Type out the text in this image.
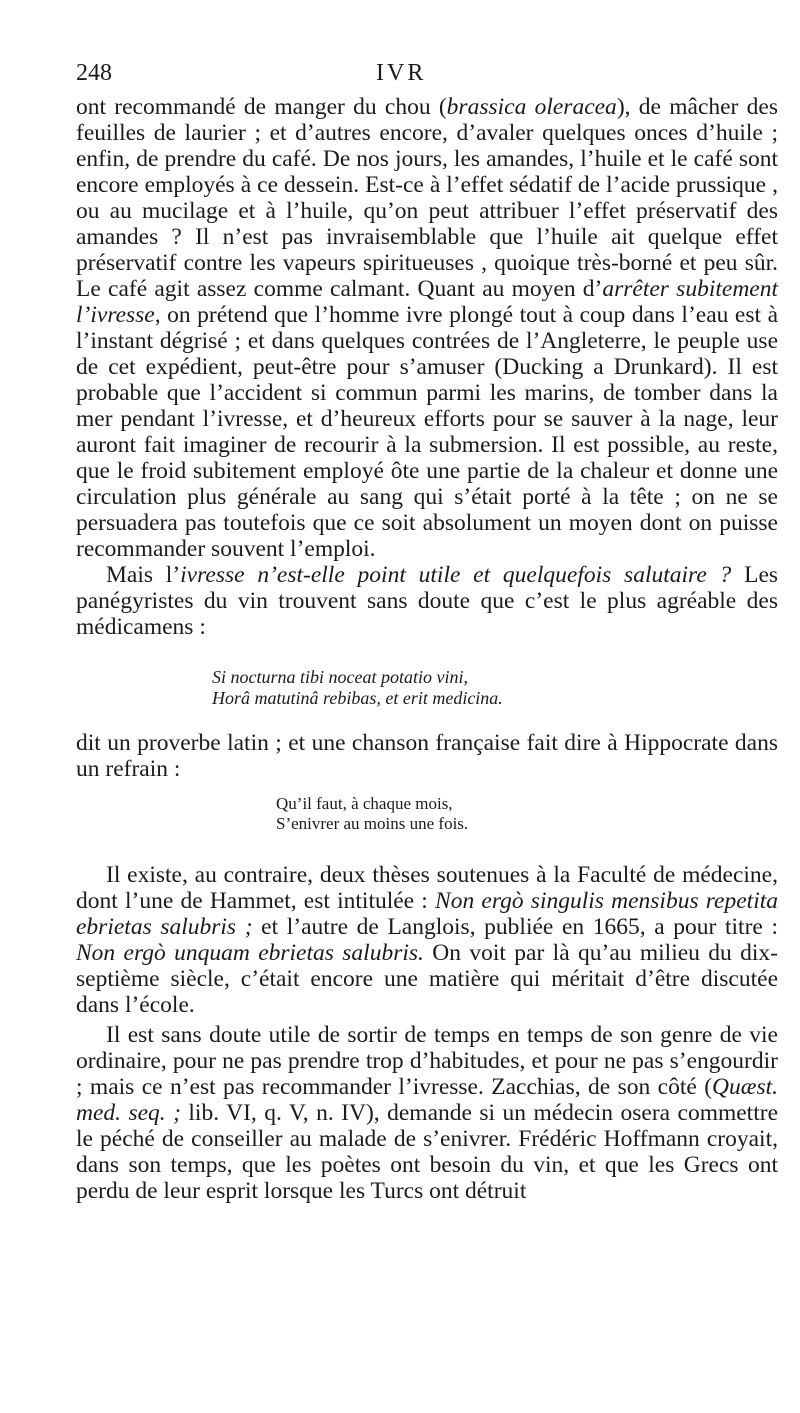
248	IVR

ont recommandé de manger du chou (brassica oleracea), de mâcher des feuilles de laurier ; et d’autres encore, d’avaler quelques onces d’huile ; enfin, de prendre du café. De nos jours, les amandes, l’huile et le café sont encore employés à ce dessein. Est-ce à l’effet sédatif de l’acide prussique , ou au mucilage et à l’huile, qu’on peut attribuer l’effet préservatif des amandes ? Il n’est pas invraisemblable que l’huile ait quelque effet préservatif contre les vapeurs spiritueuses , quoique très-borné et peu sûr. Le café agit assez comme calmant. Quant au moyen d’arrêter subitement l’ivresse, on prétend que l’homme ivre plongé tout à coup dans l’eau est à l’instant dégrisé ; et dans quelques contrées de l’Angleterre, le peuple use de cet expédient, peut-être pour s’amuser (Ducking a Drunkard). Il est probable que l’accident si commun parmi les marins, de tomber dans la mer pendant l’ivresse, et d’heureux efforts pour se sauver à la nage, leur auront fait imaginer de recourir à la submersion. Il est possible, au reste, que le froid subitement employé ôte une partie de la chaleur et donne une circulation plus générale au sang qui s’était porté à la tête ; on ne se persuadera pas toutefois que ce soit absolument un moyen dont on puisse recommander souvent l’emploi.

Mais l’ivresse n’est-elle point utile et quelquefois salutaire ? Les panégyristes du vin trouvent sans doute que c’est le plus agréable des médicamens :

Si nocturna tibi noceat potatio vini,
Horâ matutinâ rebibas, et erit medicina.

dit un proverbe latin ; et une chanson française fait dire à Hippocrate dans un refrain :

Qu’il faut, à chaque mois,
S’enivrer au moins une fois.

Il existe, au contraire, deux thèses soutenues à la Faculté de médecine, dont l’une de Hammet, est intitulée : Non ergò singulis mensibus repetita ebrietas salubris ; et l’autre de Langlois, publiée en 1665, a pour titre : Non ergò unquam ebrietas salubris. On voit par là qu’au milieu du dix-septième siècle, c’était encore une matière qui méritait d’être discutée dans l’école.

Il est sans doute utile de sortir de temps en temps de son genre de vie ordinaire, pour ne pas prendre trop d’habitudes, et pour ne pas s’engourdir ; mais ce n’est pas recommander l’ivresse. Zacchias, de son côté (Quæst. med. seq. ; lib. VI, q. V, n. IV), demande si un médecin osera commettre le péché de conseiller au malade de s’enivrer. Frédéric Hoffmann croyait, dans son temps, que les poètes ont besoin du vin, et que les Grecs ont perdu de leur esprit lorsque les Turcs ont détruit
